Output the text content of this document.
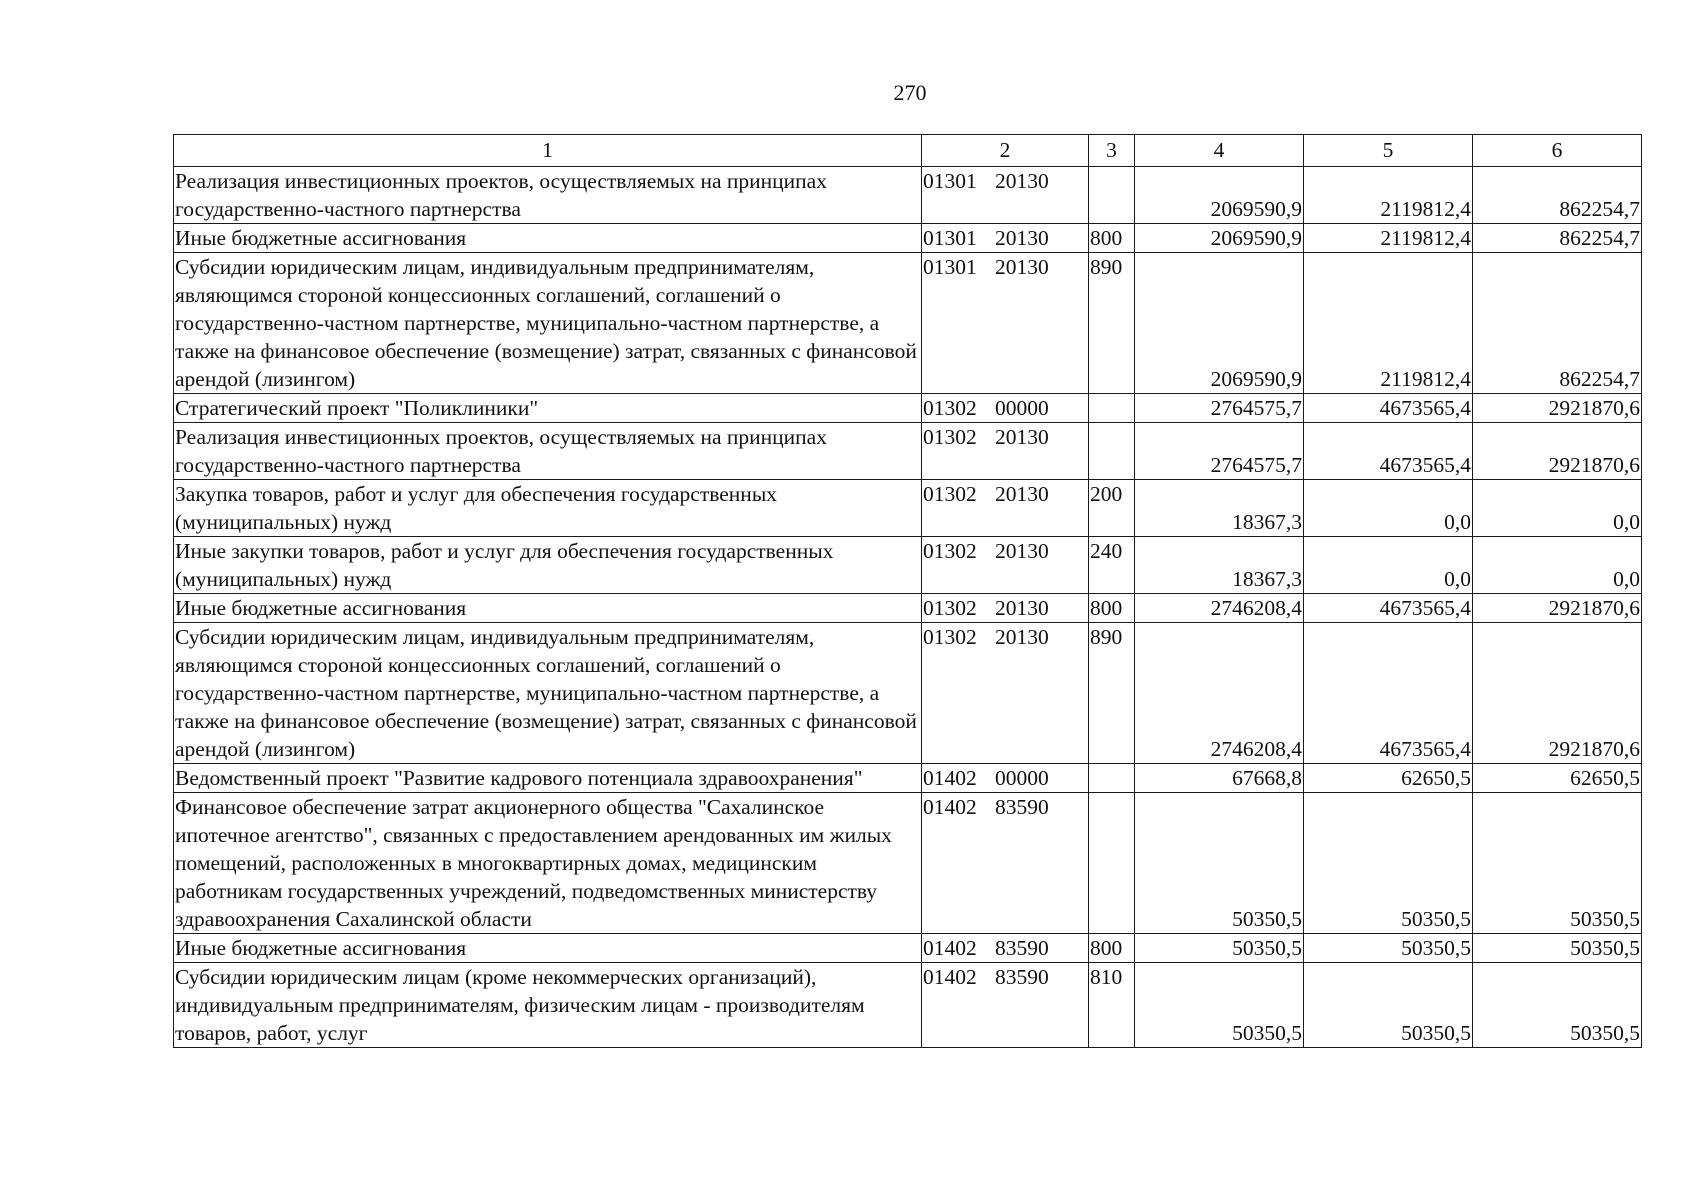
270
1	2	3	4	5	6
Реализация инвестиционных проектов, осуществляемых на принципах государственно-частного партнерства	01301 20130		2069590,9	2119812,4	862254,7
Иные бюджетные ассигнования	01301 20130	800	2069590,9	2119812,4	862254,7
Субсидии юридическим лицам, индивидуальным предпринимателям, являющимся стороной концессионных соглашений, соглашений о государственно-частном партнерстве, муниципально-частном партнерстве, а также на финансовое обеспечение (возмещение) затрат, связанных с финансовой арендой (лизингом)	01301 20130	890	2069590,9	2119812,4	862254,7
Стратегический проект "Поликлиники"	01302 00000		2764575,7	4673565,4	2921870,6
Реализация инвестиционных проектов, осуществляемых на принципах государственно-частного партнерства	01302 20130		2764575,7	4673565,4	2921870,6
Закупка товаров, работ и услуг для обеспечения государственных (муниципальных) нужд	01302 20130	200	18367,3	0,0	0,0
Иные закупки товаров, работ и услуг для обеспечения государственных (муниципальных) нужд	01302 20130	240	18367,3	0,0	0,0
Иные бюджетные ассигнования	01302 20130	800	2746208,4	4673565,4	2921870,6
Субсидии юридическим лицам, индивидуальным предпринимателям, являющимся стороной концессионных соглашений, соглашений о государственно-частном партнерстве, муниципально-частном партнерстве, а также на финансовое обеспечение (возмещение) затрат, связанных с финансовой арендой (лизингом)	01302 20130	890	2746208,4	4673565,4	2921870,6
Ведомственный проект "Развитие кадрового потенциала здравоохранения"	01402 00000		67668,8	62650,5	62650,5
Финансовое обеспечение затрат акционерного общества "Сахалинское ипотечное агентство", связанных с предоставлением арендованных им жилых помещений, расположенных в многоквартирных домах, медицинским работникам государственных учреждений, подведомственных министерству здравоохранения Сахалинской области	01402 83590		50350,5	50350,5	50350,5
Иные бюджетные ассигнования	01402 83590	800	50350,5	50350,5	50350,5
Субсидии юридическим лицам (кроме некоммерческих организаций), индивидуальным предпринимателям, физическим лицам - производителям товаров, работ, услуг	01402 83590	810	50350,5	50350,5	50350,5
